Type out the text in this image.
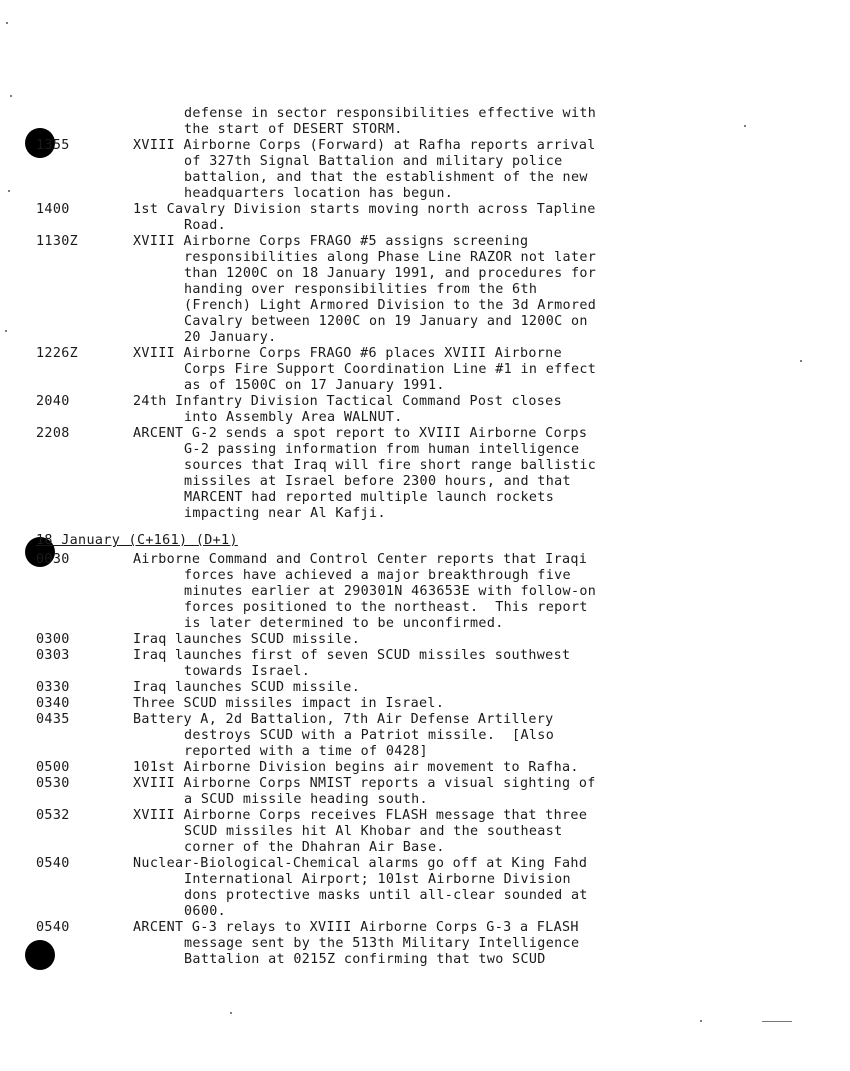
defense in sector responsibilities effective with
the start of DESERT STORM.
1355	XVIII Airborne Corps (Forward) at Rafha reports arrival
of 327th Signal Battalion and military police
battalion, and that the establishment of the new
headquarters location has begun.
1400	1st Cavalry Division starts moving north across Tapline
Road.
1130Z	XVIII Airborne Corps FRAGO #5 assigns screening
responsibilities along Phase Line RAZOR not later
than 1200C on 18 January 1991, and procedures for
handing over responsibilities from the 6th
(French) Light Armored Division to the 3d Armored
Cavalry between 1200C on 19 January and 1200C on
20 January.
1226Z	XVIII Airborne Corps FRAGO #6 places XVIII Airborne
Corps Fire Support Coordination Line #1 in effect
as of 1500C on 17 January 1991.
2040	24th Infantry Division Tactical Command Post closes
into Assembly Area WALNUT.
2208	ARCENT G-2 sends a spot report to XVIII Airborne Corps
G-2 passing information from human intelligence
sources that Iraq will fire short range ballistic
missiles at Israel before 2300 hours, and that
MARCENT had reported multiple launch rockets
impacting near Al Kafji.
18 January (C+161) (D+1)
0030	Airborne Command and Control Center reports that Iraqi
forces have achieved a major breakthrough five
minutes earlier at 290301N 463653E with follow-on
forces positioned to the northeast.  This report
is later determined to be unconfirmed.
0300	Iraq launches SCUD missile.
0303	Iraq launches first of seven SCUD missiles southwest
towards Israel.
0330	Iraq launches SCUD missile.
0340	Three SCUD missiles impact in Israel.
0435	Battery A, 2d Battalion, 7th Air Defense Artillery
destroys SCUD with a Patriot missile.  [Also
reported with a time of 0428]
0500	101st Airborne Division begins air movement to Rafha.
0530	XVIII Airborne Corps NMIST reports a visual sighting of
a SCUD missile heading south.
0532	XVIII Airborne Corps receives FLASH message that three
SCUD missiles hit Al Khobar and the southeast
corner of the Dhahran Air Base.
0540	Nuclear-Biological-Chemical alarms go off at King Fahd
International Airport; 101st Airborne Division
dons protective masks until all-clear sounded at
0600.
0540	ARCENT G-3 relays to XVIII Airborne Corps G-3 a FLASH
message sent by the 513th Military Intelligence
Battalion at 0215Z confirming that two SCUD
